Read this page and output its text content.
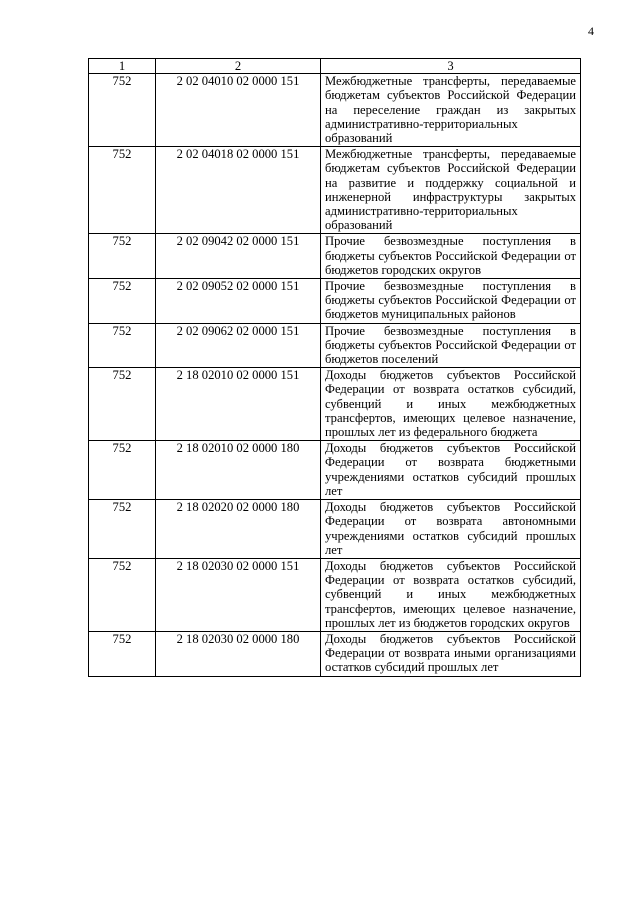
4
1	2	3
752	2 02 04010 02 0000 151	Межбюджетные трансферты, передаваемые бюджетам субъектов Российской Федерации на переселение граждан из закрытых административно-территориальных образований
752	2 02 04018 02 0000 151	Межбюджетные трансферты, передаваемые бюджетам субъектов Российской Федерации на развитие и поддержку социальной и инженерной инфраструктуры закрытых административно-территориальных образований
752	2 02 09042 02 0000 151	Прочие безвозмездные поступления в бюджеты субъектов Российской Федерации от бюджетов городских округов
752	2 02 09052 02 0000 151	Прочие безвозмездные поступления в бюджеты субъектов Российской Федерации от бюджетов муниципальных районов
752	2 02 09062 02 0000 151	Прочие безвозмездные поступления в бюджеты субъектов Российской Федерации от бюджетов поселений
752	2 18 02010 02 0000 151	Доходы бюджетов субъектов Российской Федерации от возврата остатков субсидий, субвенций и иных межбюджетных трансфертов, имеющих целевое назначение, прошлых лет из федерального бюджета
752	2 18 02010 02 0000 180	Доходы бюджетов субъектов Российской Федерации от возврата бюджетными учреждениями остатков субсидий прошлых лет
752	2 18 02020 02 0000 180	Доходы бюджетов субъектов Российской Федерации от возврата автономными учреждениями остатков субсидий прошлых лет
752	2 18 02030 02 0000 151	Доходы бюджетов субъектов Российской Федерации от возврата остатков субсидий, субвенций и иных межбюджетных трансфертов, имеющих целевое назначение, прошлых лет из бюджетов городских округов
752	2 18 02030 02 0000 180	Доходы бюджетов субъектов Российской Федерации от возврата иными организациями остатков субсидий прошлых лет
